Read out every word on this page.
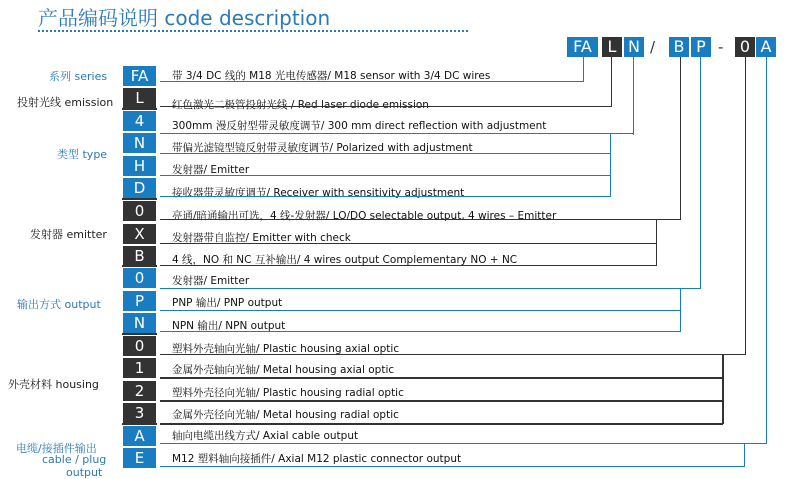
产品编码说明 code description
FA L N / B P -	0 A
系列 series
投射光线 emission
类型 type
发射器 emitter
输出方式 output
外壳材料 housing
电缆/接插件输出
cable / plug
output
FA	带 3/4 DC 线的 M18 光电传感器/ M18 sensor with 3/4 DC wires
L	红色激光二极管投射光线 / Red laser diode emission
4	300mm 漫反射型带灵敏度调节/ 300 mm direct reflection with adjustment
N	带偏光滤镜型镜反射带灵敏度调节/ Polarized with adjustment
H	发射器/ Emitter
D	接收器带灵敏度调节/ Receiver with sensitivity adjustment
0	亮通/暗通输出可选，4 线-发射器/ LO/DO selectable output, 4 wires – Emitter
X	发射器带自监控/ Emitter with check
B	4 线，NO 和 NC 互补输出/ 4 wires output Complementary NO + NC
0	发射器/ Emitter
P	PNP 输出/ PNP output
N	NPN 输出/ NPN output
0	塑料外壳轴向光轴/ Plastic housing axial optic
1	金属外壳轴向光轴/ Metal housing axial optic
2	塑料外壳径向光轴/ Plastic housing radial optic
3	金属外壳径向光轴/ Metal housing radial optic
A	轴向电缆出线方式/ Axial cable output
E	M12 塑料轴向接插件/ Axial M12 plastic connector output
